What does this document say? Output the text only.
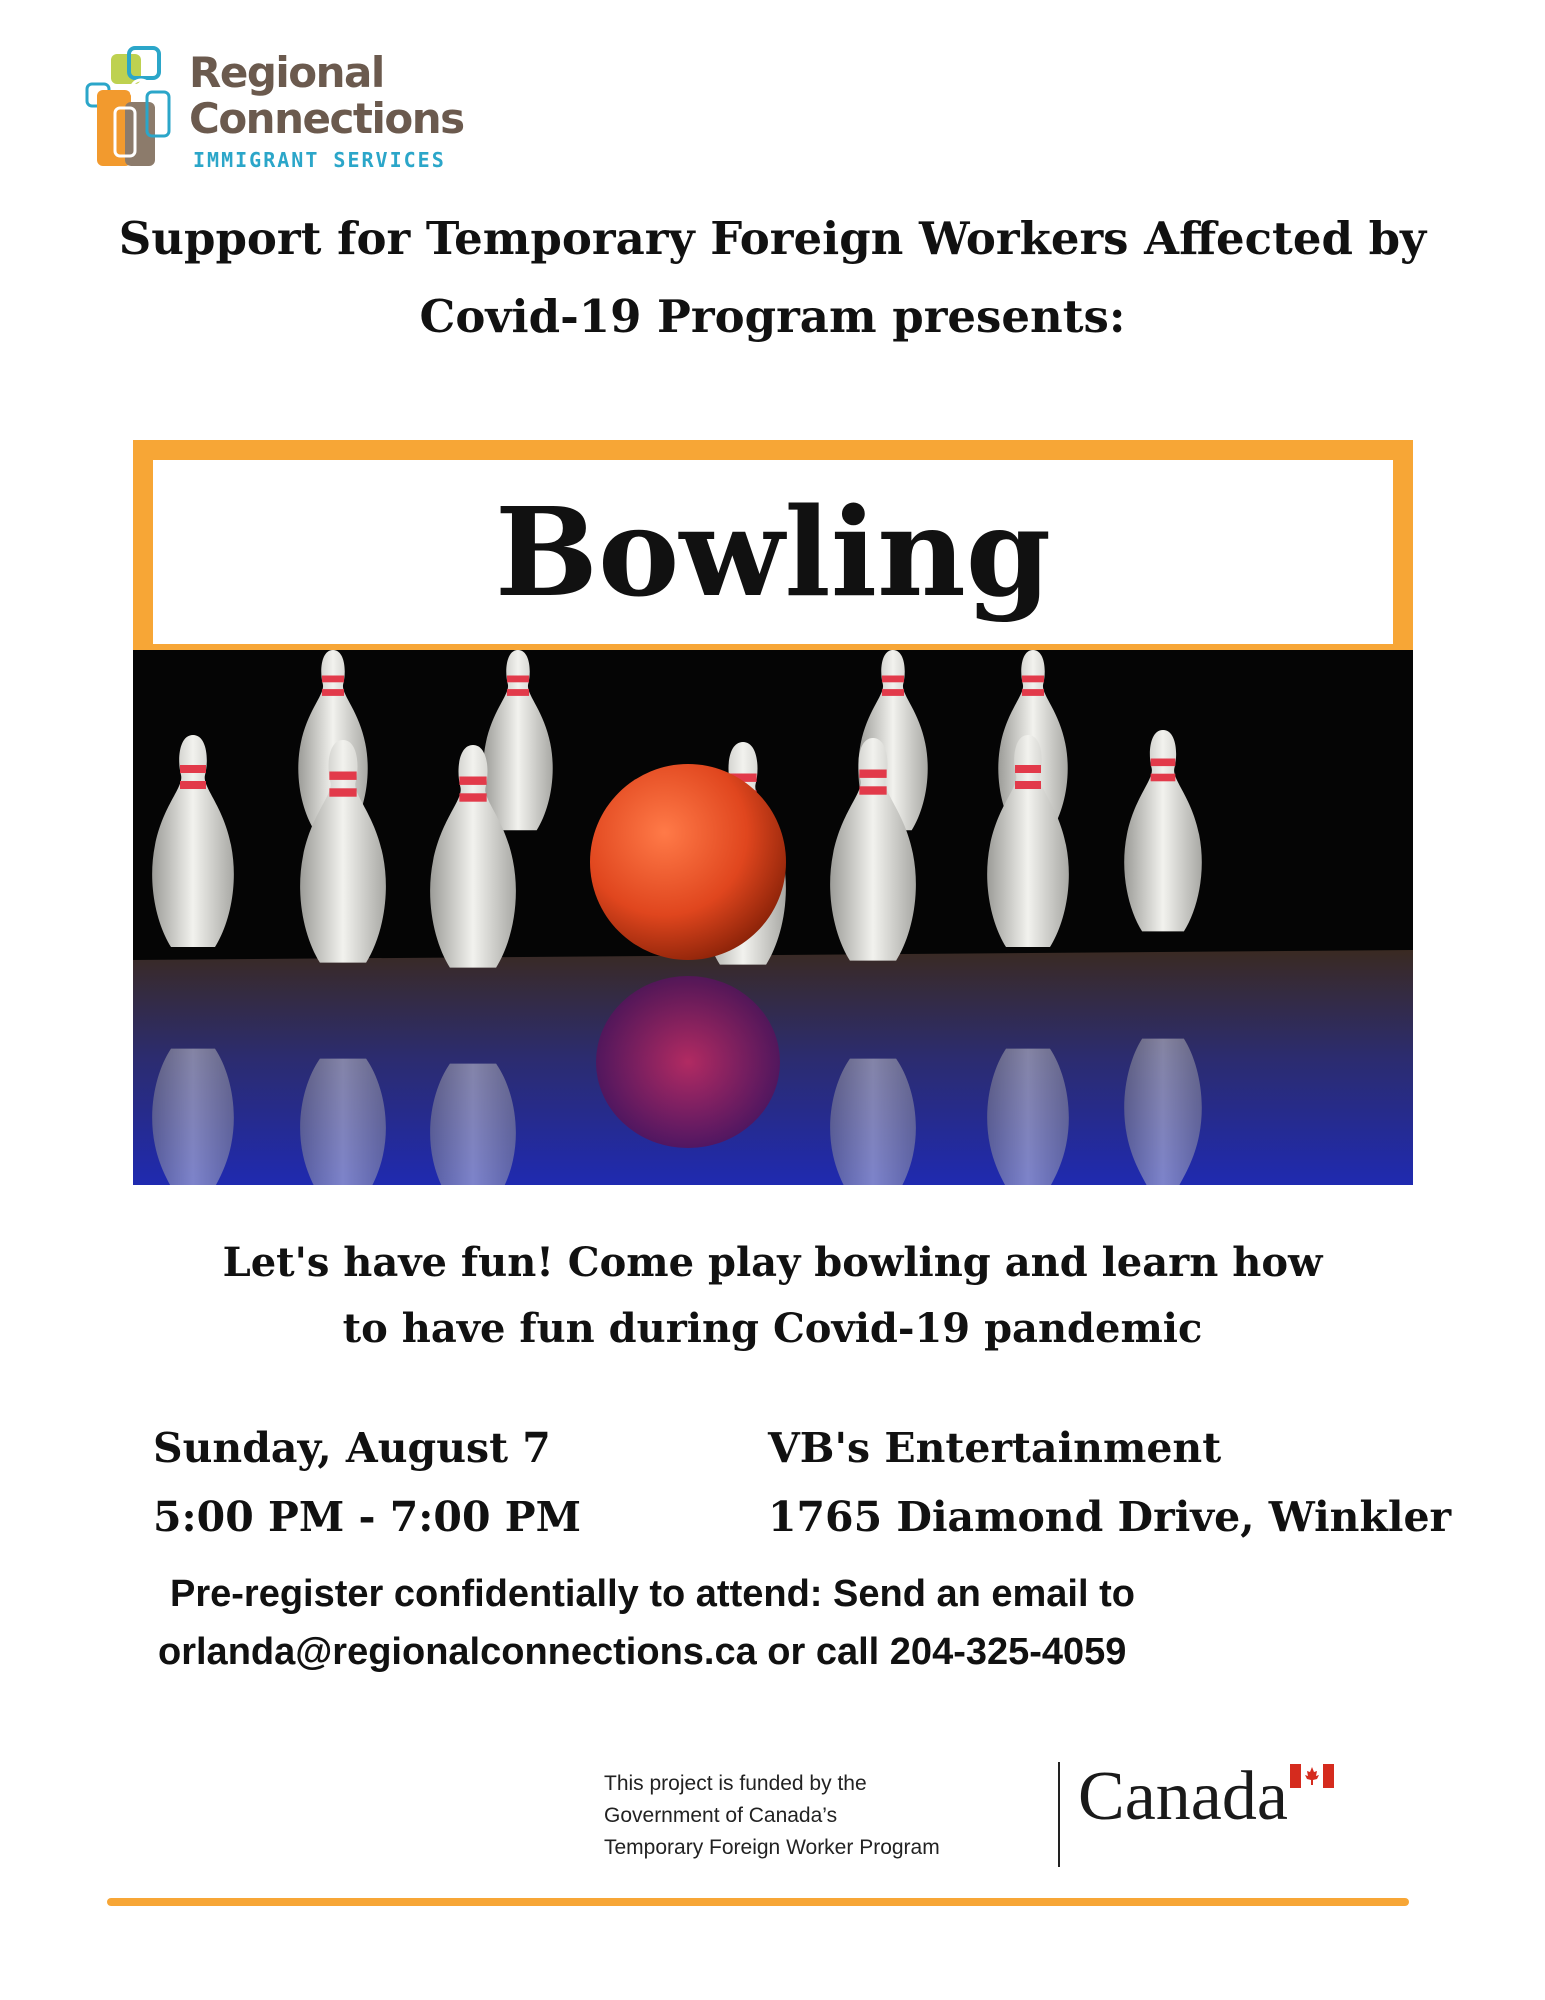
Regional
Connections
IMMIGRANT SERVICES
Support for Temporary Foreign Workers Affected by
Covid-19 Program presents:
Bowling
Let's have fun! Come play bowling and learn how
to have fun during Covid-19 pandemic
Sunday, August 7
5:00 PM - 7:00 PM
VB's Entertainment
1765 Diamond Drive, Winkler
Pre-register confidentially to attend: Send an email to
orlanda@regionalconnections.ca or call 204-325-4059
This project is funded by the
Government of Canada’s
Temporary Foreign Worker Program
Canada
